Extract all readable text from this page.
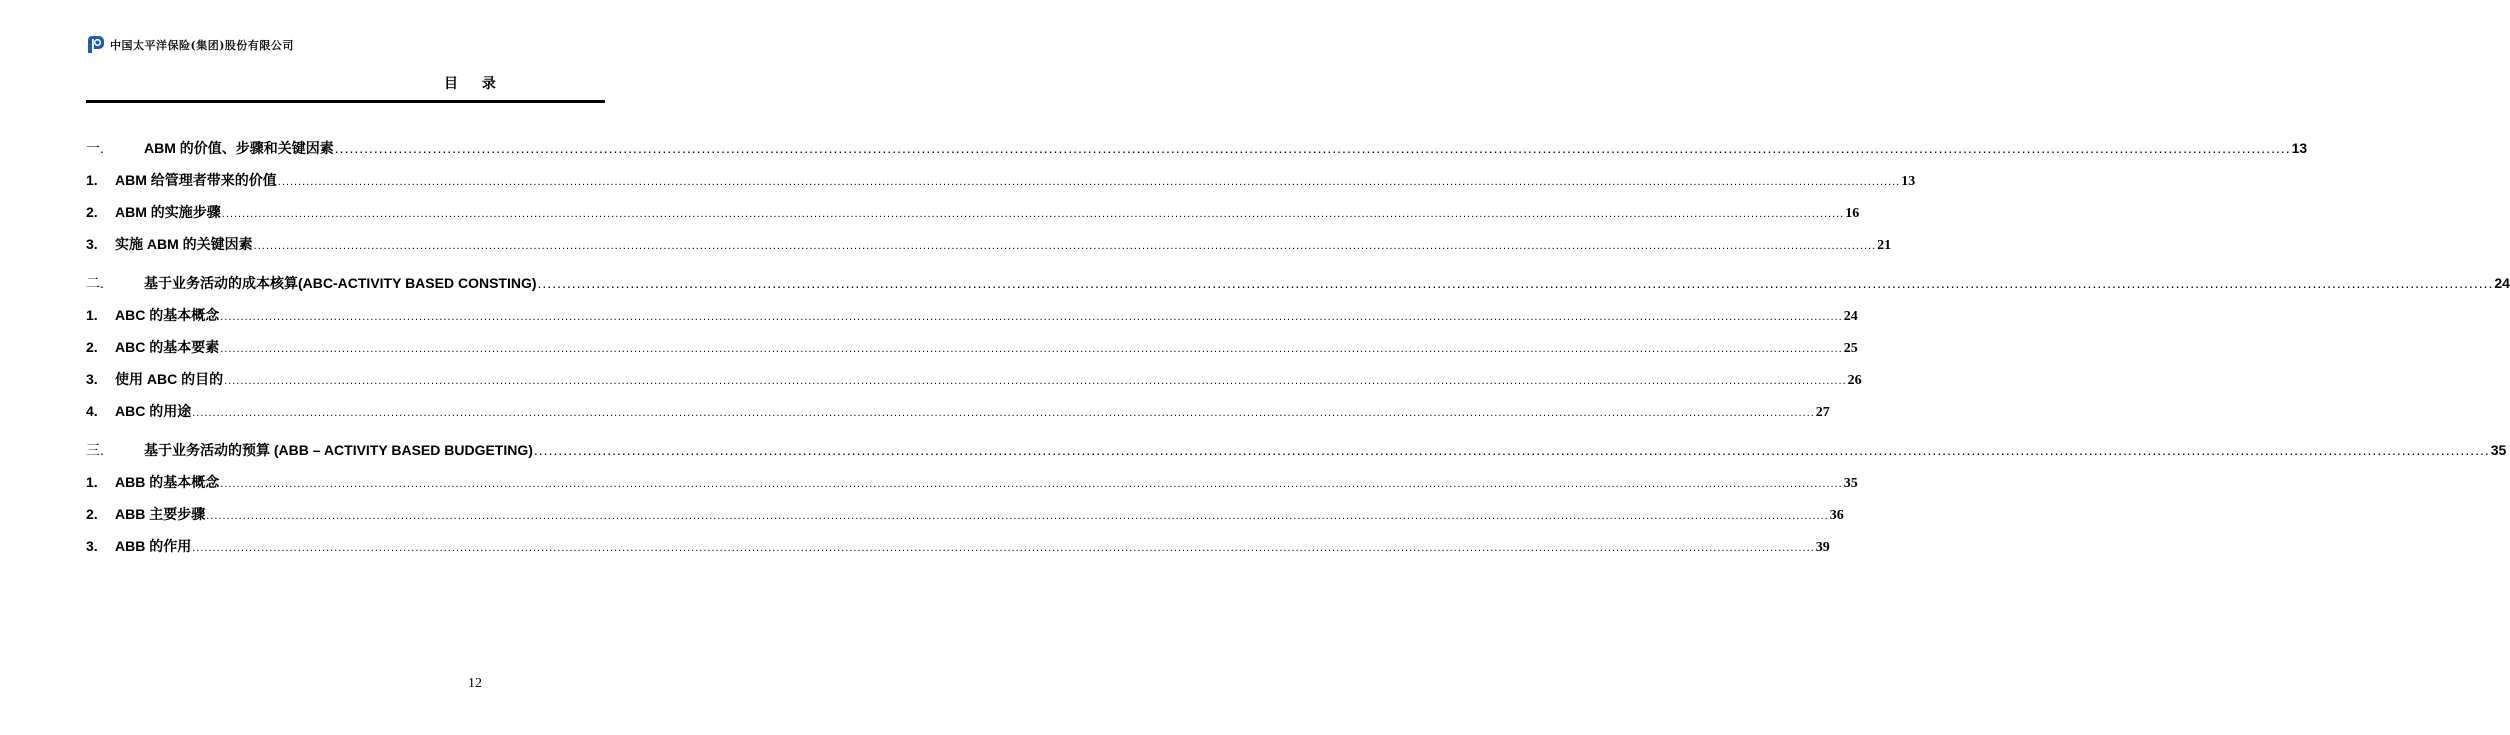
中国太平洋保险(集团)股份有限公司
目 录
一.	ABM 的价值、步骤和关键因素 ................................................................................................................................................................................................................................................................................................................................................................................................................ 13
1.	ABM 给管理者带来的价值 ................................................................................................................................................................................................................................................................................................................................................................................................................ 13
2.	ABM 的实施步骤 ................................................................................................................................................................................................................................................................................................................................................................................................................ 16
3.	实施 ABM 的关键因素 ................................................................................................................................................................................................................................................................................................................................................................................................................ 21
二.	基于业务活动的成本核算(ABC-ACTIVITY BASED CONSTING) ................................................................................................................................................................................................................................................................................................................................................................................................................ 24
1.	ABC 的基本概念 ................................................................................................................................................................................................................................................................................................................................................................................................................ 24
2.	ABC 的基本要素 ................................................................................................................................................................................................................................................................................................................................................................................................................ 25
3.	使用 ABC 的目的 ................................................................................................................................................................................................................................................................................................................................................................................................................ 26
4.	ABC 的用途 ................................................................................................................................................................................................................................................................................................................................................................................................................ 27
三.	基于业务活动的预算 (ABB – ACTIVITY BASED BUDGETING) ................................................................................................................................................................................................................................................................................................................................................................................................................ 35
1.	ABB 的基本概念 ................................................................................................................................................................................................................................................................................................................................................................................................................ 35
2.	ABB 主要步骤 ................................................................................................................................................................................................................................................................................................................................................................................................................ 36
3.	ABB 的作用 ................................................................................................................................................................................................................................................................................................................................................................................................................ 39
12
